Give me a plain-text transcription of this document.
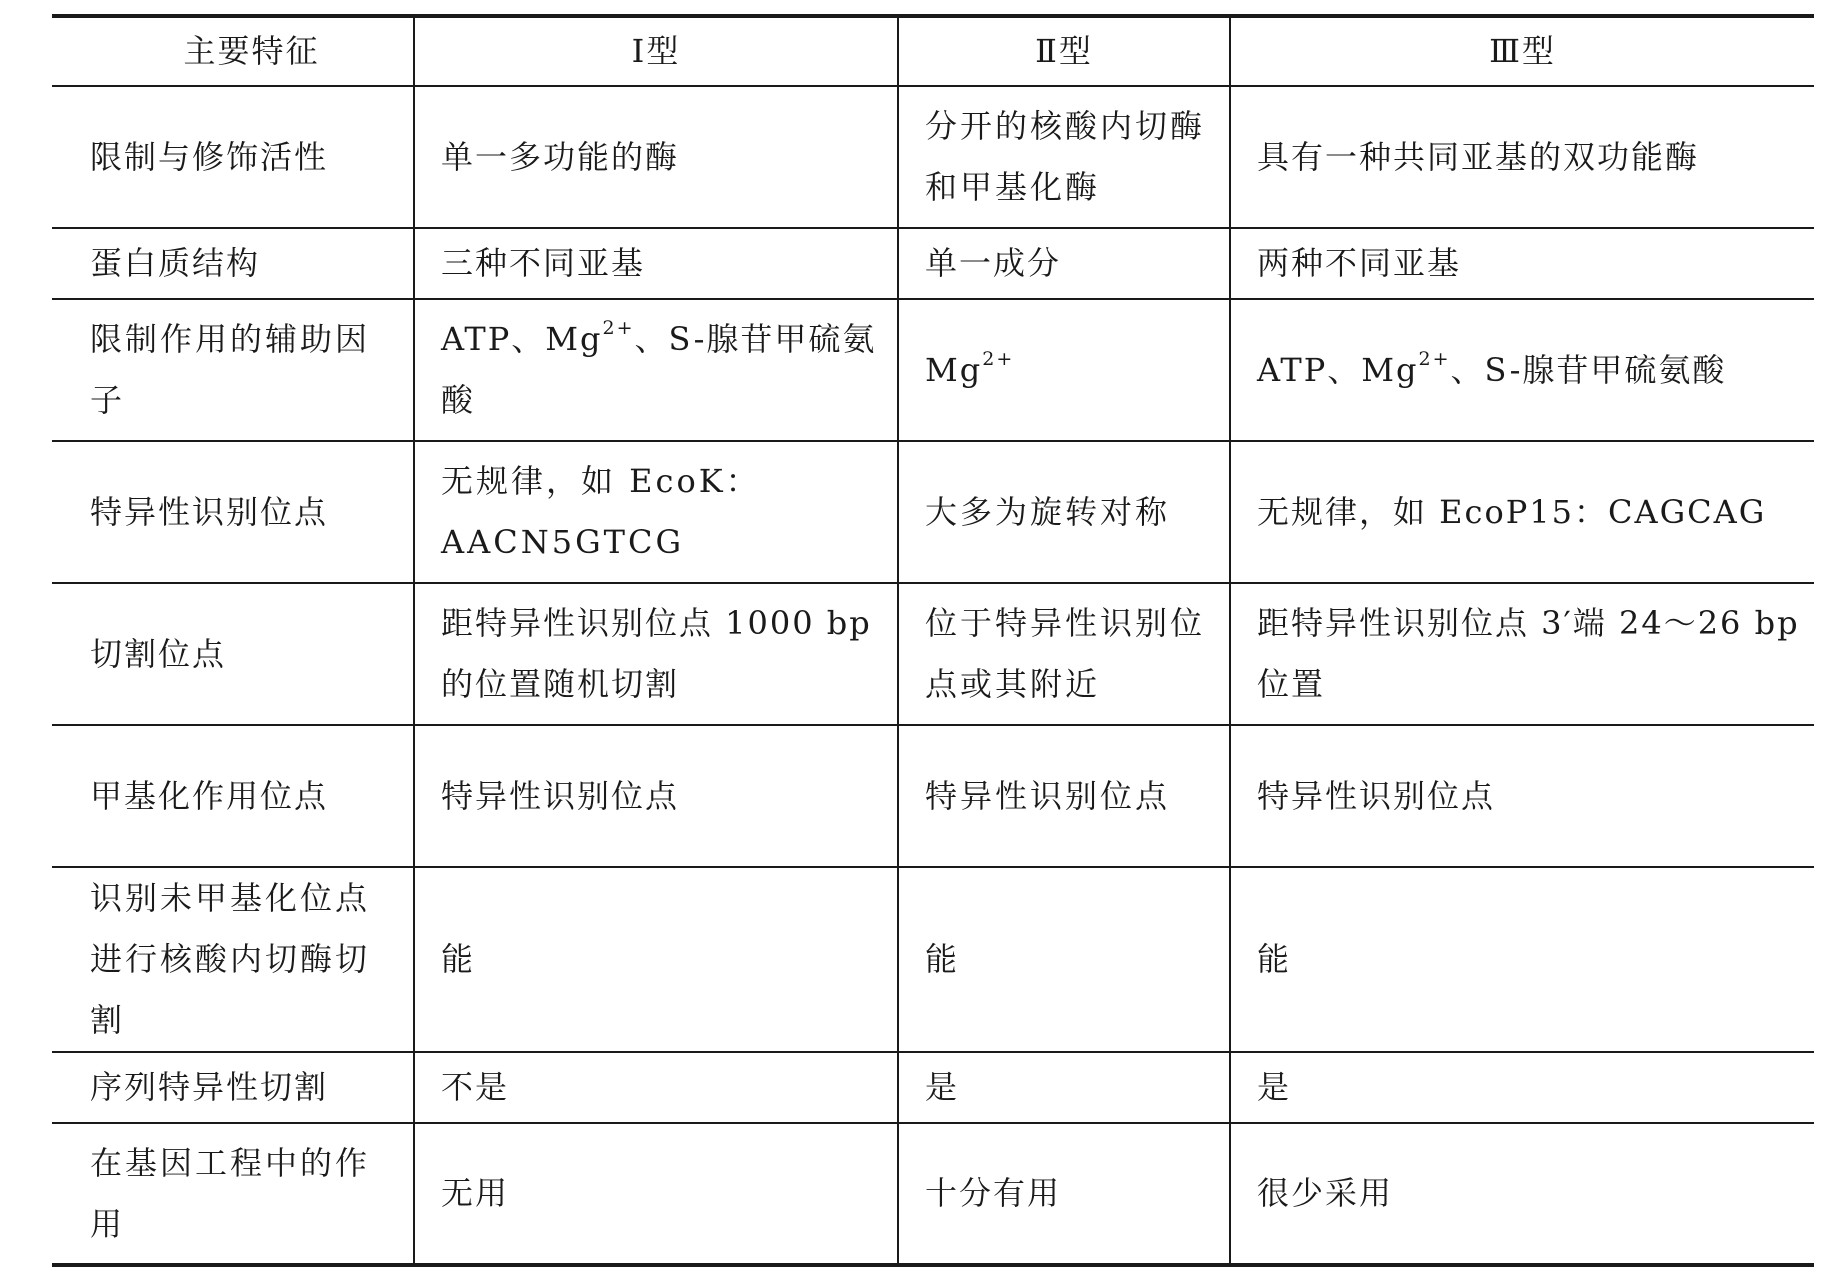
主要特征	Ⅰ型	Ⅱ型	Ⅲ型
限制与修饰活性	单一多功能的酶	分开的核酸内切酶和甲基化酶	具有一种共同亚基的双功能酶
蛋白质结构	三种不同亚基	单一成分	两种不同亚基
限制作用的辅助因子	ATP、$Mg^{2+}$、S-腺苷甲硫氨酸	$Mg^{2+}$	ATP、$Mg^{2+}$、S-腺苷甲硫氨酸
特异性识别位点	无规律，如 EcoK：AACN5GTCG	大多为旋转对称	无规律，如 EcoP15：CAGCAG
切割位点	距特异性识别位点 1000 bp 的位置随机切割	位于特异性识别位点或其附近	距特异性识别位点 3′端 24～26 bp 位置
甲基化作用位点	特异性识别位点	特异性识别位点	特异性识别位点
识别未甲基化位点进行核酸内切酶切割	能	能	能
序列特异性切割	不是	是	是
在基因工程中的作用	无用	十分有用	很少采用
